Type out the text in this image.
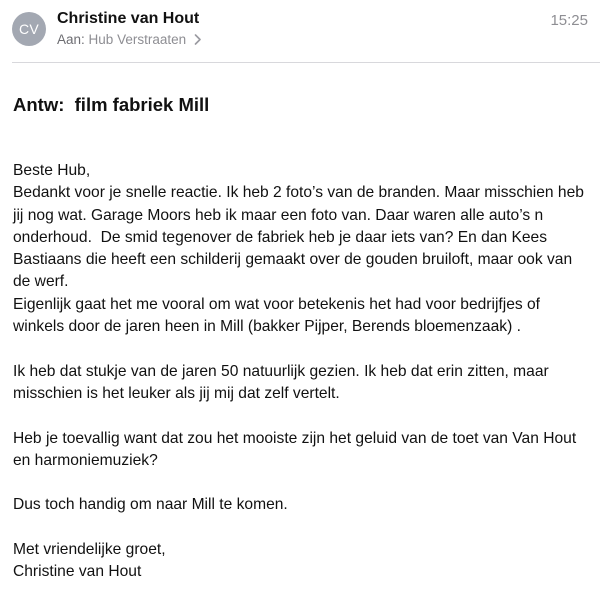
CV
Christine van Hout	15:25
Aan: Hub Verstraaten
Antw:  film fabriek Mill
Beste Hub,
Bedankt voor je snelle reactie. Ik heb 2 foto’s van de branden. Maar misschien heb
jij nog wat. Garage Moors heb ik maar een foto van. Daar waren alle auto’s n
onderhoud.  De smid tegenover de fabriek heb je daar iets van? En dan Kees
Bastiaans die heeft een schilderij gemaakt over de gouden bruiloft, maar ook van
de werf.
Eigenlijk gaat het me vooral om wat voor betekenis het had voor bedrijfjes of
winkels door de jaren heen in Mill (bakker Pijper, Berends bloemenzaak) .
Ik heb dat stukje van de jaren 50 natuurlijk gezien. Ik heb dat erin zitten, maar
misschien is het leuker als jij mij dat zelf vertelt.
Heb je toevallig want dat zou het mooiste zijn het geluid van de toet van Van Hout
en harmoniemuziek?
Dus toch handig om naar Mill te komen.
Met vriendelijke groet,
Christine van Hout
